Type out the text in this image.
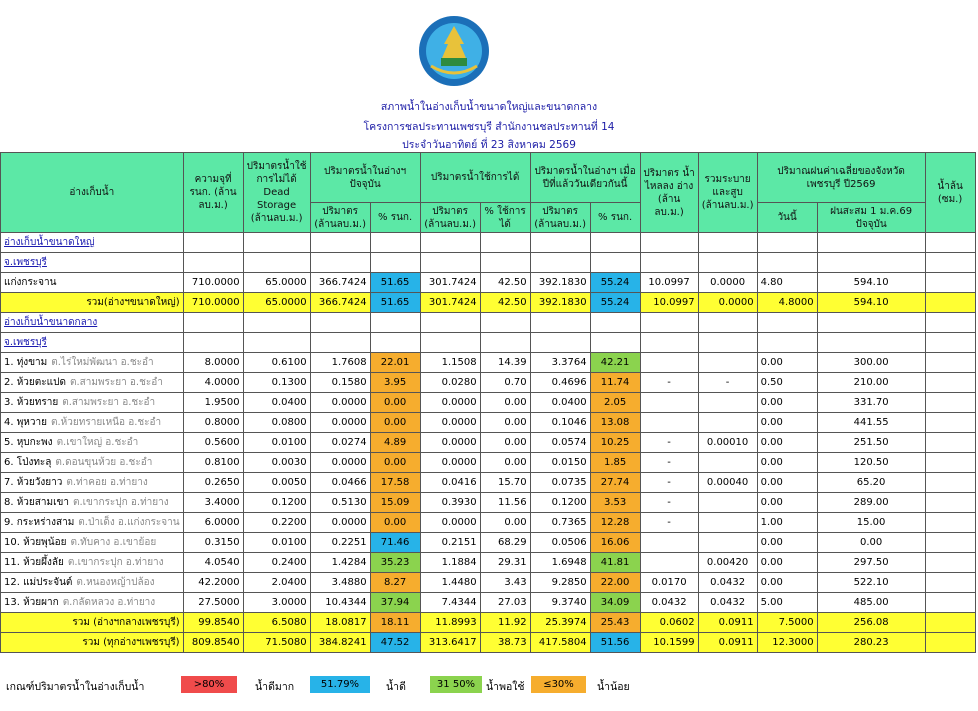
สภาพน้ำในอ่างเก็บน้ำขนาดใหญ่และขนาดกลาง
โครงการชลประทานเพชรบุรี สำนักงานชลประทานที่ 14
ประจำวันอาทิตย์ ที่ 23 สิงหาคม 2569
อ่างเก็บน้ำ	ความจุที่ รนก. (ล้านลบ.ม.)	ปริมาตรน้ำใช้การไม่ได้ Dead Storage (ล้านลบ.ม.)	ปริมาตรน้ำในอ่างฯ ปัจจุบัน		ปริมาตรน้ำใช้การได้		ปริมาตรน้ำในอ่างฯ เมื่อปีที่แล้ววันเดียวกันนี้		ปริมาตร น้ำ ไหลลง อ่าง (ล้าน ลบ.ม.)	รวมระบาย และสูบ (ล้านลบ.ม.)	ปริมาณฝนค่าเฉลี่ยของจังหวัด เพชรบุรี ปี2569		น้ำล้น (ซม.)
			ปริมาตร (ล้านลบ.ม.)	% รนก.	ปริมาตร (ล้านลบ.ม.)	% ใช้การได้	ปริมาตร (ล้านลบ.ม.)	% รนก.			วันนี้	ฝนสะสม 1 ม.ค.69 ปัจจุบัน	
อ่างเก็บน้ำขนาดใหญ่													
จ.เพชรบุรี													
แก่งกระจาน	710.0000	65.0000	366.7424	51.65	301.7424	42.50	392.1830	55.24	10.0997	0.0000	4.80	594.10	
รวม(อ่างฯขนาดใหญ่)	710.0000	65.0000	366.7424	51.65	301.7424	42.50	392.1830	55.24	10.0997	0.0000	4.8000	594.10	
อ่างเก็บน้ำขนาดกลาง													
จ.เพชรบุรี													
1. ทุ่งขาม ต.ไร่ใหม่พัฒนา อ.ชะอำ	8.0000	0.6100	1.7608	22.01	1.1508	14.39	3.3764	42.21			0.00	300.00	
2. ห้วยตะแปด ต.สามพระยา อ.ชะอำ	4.0000	0.1300	0.1580	3.95	0.0280	0.70	0.4696	11.74	-	-	0.50	210.00	
3. ห้วยทราย ต.สามพระยา อ.ชะอำ	1.9500	0.0400	0.0000	0.00	0.0000	0.00	0.0400	2.05			0.00	331.70	
4. พุหวาย ต.ห้วยทรายเหนือ อ.ชะอำ	0.8000	0.0800	0.0000	0.00	0.0000	0.00	0.1046	13.08			0.00	441.55	
5. หุบกะพง ต.เขาใหญ่ อ.ชะอำ	0.5600	0.0100	0.0274	4.89	0.0000	0.00	0.0574	10.25	-	0.00010	0.00	251.50	
6. โป่งทะลุ ต.ดอนขุนห้วย อ.ชะอำ	0.8100	0.0030	0.0000	0.00	0.0000	0.00	0.0150	1.85	-		0.00	120.50	
7. ห้วยวังยาว ต.ท่าคอย อ.ท่ายาง	0.2650	0.0050	0.0466	17.58	0.0416	15.70	0.0735	27.74	-	0.00040	0.00	65.20	
8. ห้วยสามเขา ต.เขากระปุก อ.ท่ายาง	3.4000	0.1200	0.5130	15.09	0.3930	11.56	0.1200	3.53	-		0.00	289.00	
9. กระหร่างสาม ต.ป่าเด็ง อ.แก่งกระจาน	6.0000	0.2200	0.0000	0.00	0.0000	0.00	0.7365	12.28	-		1.00	15.00	
10. ห้วยพุน้อย ต.ทับคาง อ.เขาย้อย	0.3150	0.0100	0.2251	71.46	0.2151	68.29	0.0506	16.06			0.00	0.00	
11. ห้วยผึ้งลัย ต.เขากระปุก อ.ท่ายาง	4.0540	0.2400	1.4284	35.23	1.1884	29.31	1.6948	41.81		0.00420	0.00	297.50	
12. แม่ประจันต์ ต.หนองหญ้าปล้อง	42.2000	2.0400	3.4880	8.27	1.4480	3.43	9.2850	22.00	0.0170	0.0432	0.00	522.10	
13. ห้วยผาก ต.กลัดหลวง อ.ท่ายาง	27.5000	3.0000	10.4344	37.94	7.4344	27.03	9.3740	34.09	0.0432	0.0432	5.00	485.00	
รวม (อ่างฯกลางเพชรบุรี)	99.8540	6.5080	18.0817	18.11	11.8993	11.92	25.3974	25.43	0.0602	0.0911	7.5000	256.08	
รวม (ทุกอ่างฯเพชรบุรี)	809.8540	71.5080	384.8241	47.52	313.6417	38.73	417.5804	51.56	10.1599	0.0911	12.3000	280.23	
เกณฑ์ปริมาตรน้ำในอ่างเก็บน้ำ	>80%	น้ำดีมาก	51.79%	น้ำดี	31 50%	น้ำพอใช้	≤30%	น้ำน้อย
